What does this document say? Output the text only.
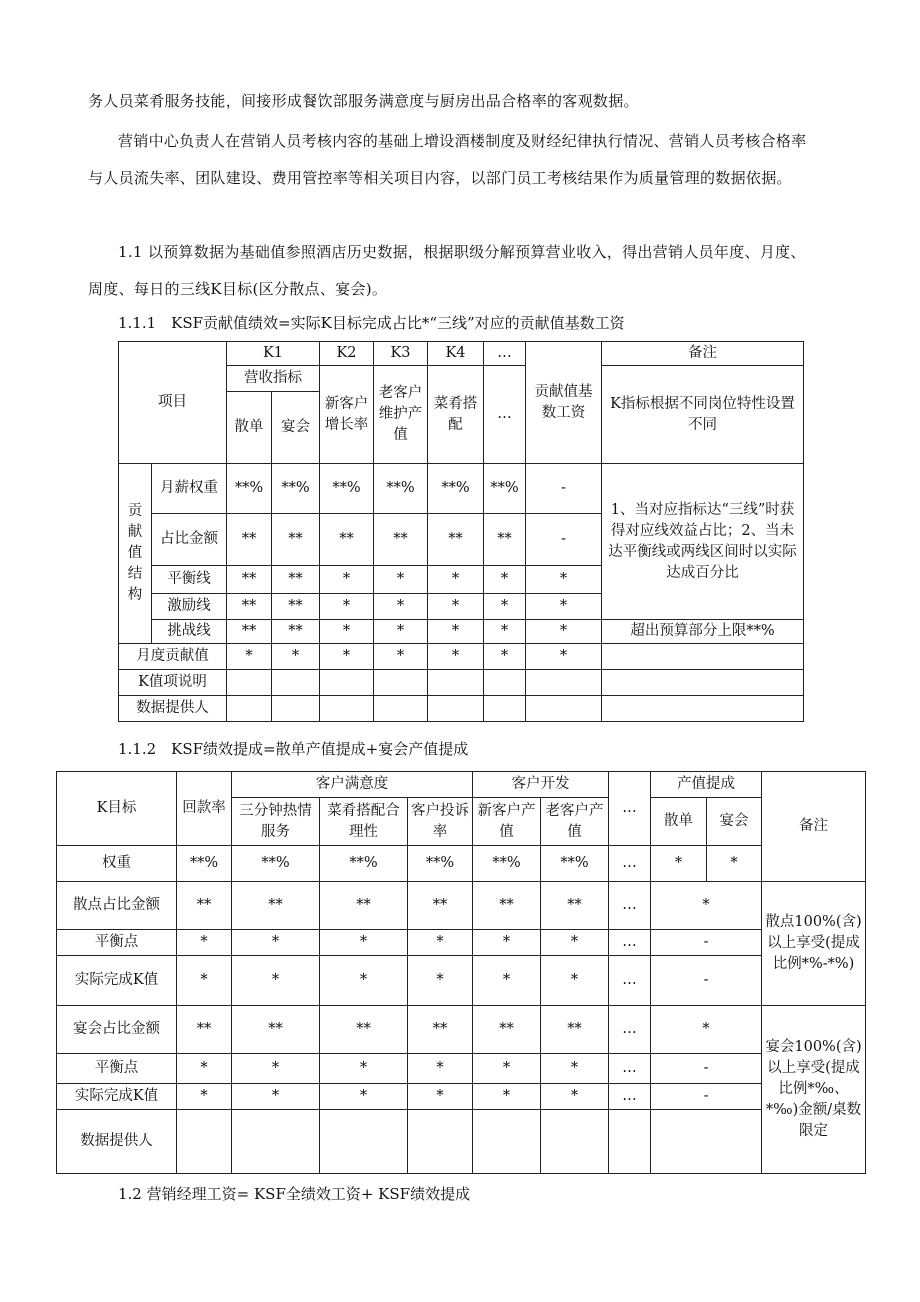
务人员菜肴服务技能，间接形成餐饮部服务满意度与厨房出品合格率的客观数据。

营销中心负责人在营销人员考核内容的基础上增设酒楼制度及财经纪律执行情况、营销人员考核合格率与人员流失率、团队建设、费用管控率等相关项目内容，以部门员工考核结果作为质量管理的数据依据。

1.1 以预算数据为基础值参照酒店历史数据，根据职级分解预算营业收入，得出营销人员年度、月度、周度、每日的三线K目标(区分散点、宴会)。

1.1.1　KSF贡献值绩效=实际K目标完成占比*“三线”对应的贡献值基数工资

项目		K1		K2	K3	K4	…	贡献值基数工资	备注
		营收指标		新客户增长率	老客户维护产值	菜肴搭配	…		K指标根据不同岗位特性设置不同
		散单	宴会						
贡献值结构	月薪权重	**%	**%	**%	**%	**%	**%	-	1、当对应指标达“三线”时获得对应线效益占比；2、当未达平衡线或两线区间时以实际达成百分比
	占比金额	**	**	**	**	**	**	-	
	平衡线	**	**	*	*	*	*	*	
	激励线	**	**	*	*	*	*	*	
	挑战线	**	**	*	*	*	*	*	超出预算部分上限**%
月度贡献值		*	*	*	*	*	*	*	
K值项说明									
数据提供人									

1.1.2　KSF绩效提成=散单产值提成+宴会产值提成

K目标	回款率	客户满意度			客户开发		…	产值提成		备注
		三分钟热情服务	菜肴搭配合理性	客户投诉率	新客户产值	老客户产值		散单	宴会	
权重	**%	**%	**%	**%	**%	**%	…	*	*	
散点占比金额	**	**	**	**	**	**	…	*		散点100%(含)以上享受(提成比例*%-*%)
平衡点	*	*	*	*	*	*	…	-		
实际完成K值	*	*	*	*	*	*	…	-		
宴会占比金额	**	**	**	**	**	**	…	*		宴会100%(含)以上享受(提成比例*‰、*‰)金额/桌数限定
平衡点	*	*	*	*	*	*	…	-		
实际完成K值	*	*	*	*	*	*	…	-		
数据提供人										

1.2 营销经理工资= KSF全绩效工资+ KSF绩效提成
